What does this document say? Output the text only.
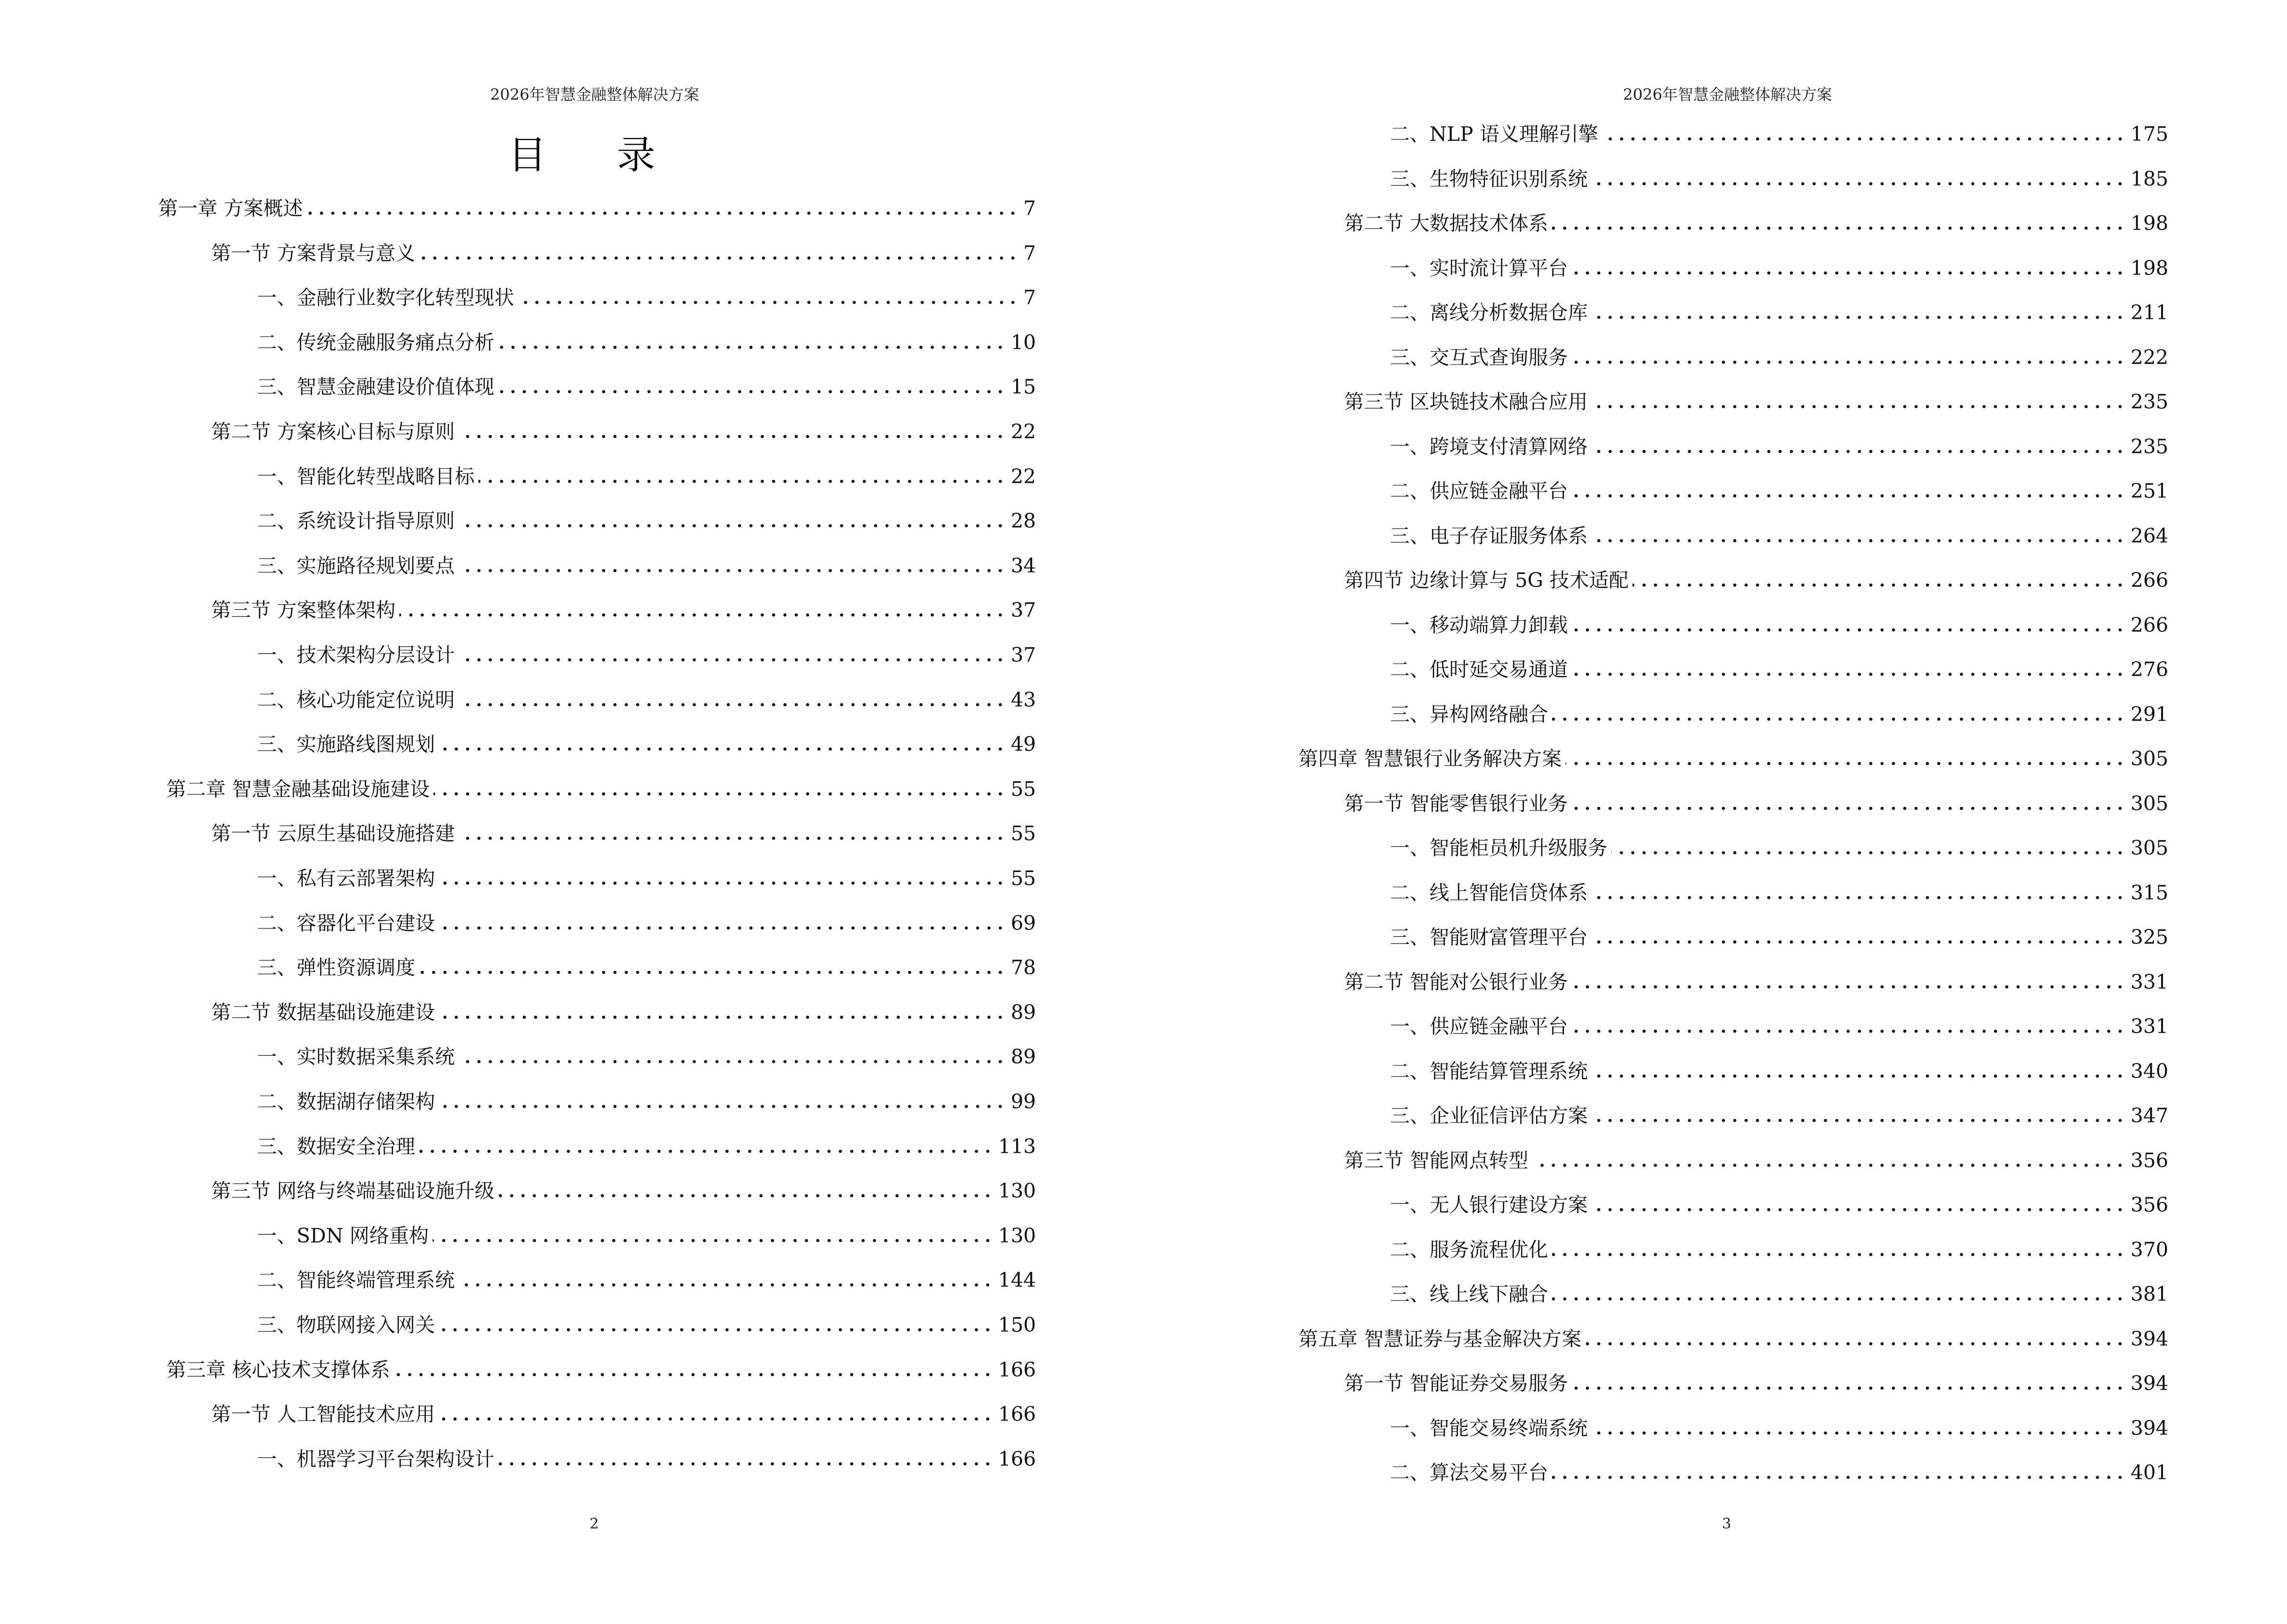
2026年智慧金融整体解决方案
目 录
第一章 方案概述	7
第一节 方案背景与意义	7
一、金融行业数字化转型现状	7
二、传统金融服务痛点分析	10
三、智慧金融建设价值体现	15
第二节 方案核心目标与原则	22
一、智能化转型战略目标	22
二、系统设计指导原则	28
三、实施路径规划要点	34
第三节 方案整体架构	37
一、技术架构分层设计	37
二、核心功能定位说明	43
三、实施路线图规划	49
第二章 智慧金融基础设施建设	55
第一节 云原生基础设施搭建	55
一、私有云部署架构	55
二、容器化平台建设	69
三、弹性资源调度	78
第二节 数据基础设施建设	89
一、实时数据采集系统	89
二、数据湖存储架构	99
三、数据安全治理	113
第三节 网络与终端基础设施升级	130
一、SDN 网络重构	130
二、智能终端管理系统	144
三、物联网接入网关	150
第三章 核心技术支撑体系	166
第一节 人工智能技术应用	166
一、机器学习平台架构设计	166
2
2026年智慧金融整体解决方案
二、NLP 语义理解引擎	175
三、生物特征识别系统	185
第二节 大数据技术体系	198
一、实时流计算平台	198
二、离线分析数据仓库	211
三、交互式查询服务	222
第三节 区块链技术融合应用	235
一、跨境支付清算网络	235
二、供应链金融平台	251
三、电子存证服务体系	264
第四节 边缘计算与 5G 技术适配	266
一、移动端算力卸载	266
二、低时延交易通道	276
三、异构网络融合	291
第四章 智慧银行业务解决方案	305
第一节 智能零售银行业务	305
一、智能柜员机升级服务	305
二、线上智能信贷体系	315
三、智能财富管理平台	325
第二节 智能对公银行业务	331
一、供应链金融平台	331
二、智能结算管理系统	340
三、企业征信评估方案	347
第三节 智能网点转型	356
一、无人银行建设方案	356
二、服务流程优化	370
三、线上线下融合	381
第五章 智慧证券与基金解决方案	394
第一节 智能证券交易服务	394
一、智能交易终端系统	394
二、算法交易平台	401
3
